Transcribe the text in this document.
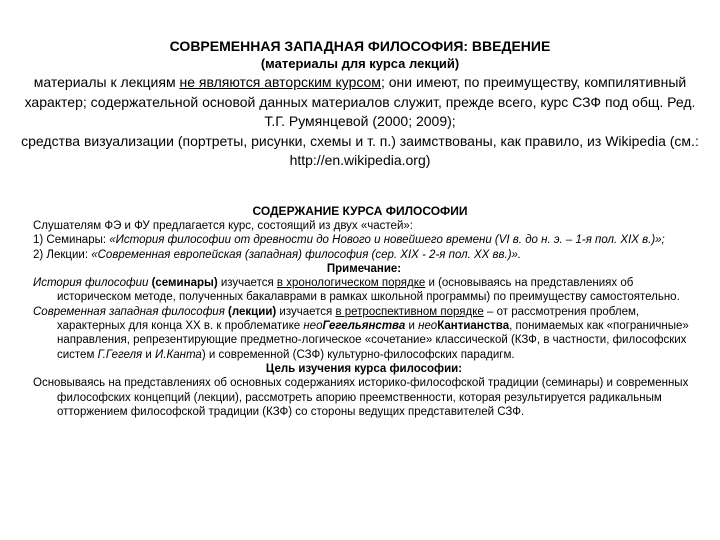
СОВРЕМЕННАЯ ЗАПАДНАЯ ФИЛОСОФИЯ: ВВЕДЕНИЕ
(материалы для курса лекций)
материалы к лекциям не являются авторским курсом; они имеют, по преимуществу, компилятивный характер; содержательной основой данных материалов служит, прежде всего, курс СЗФ под общ. Ред. Т.Г. Румянцевой (2000; 2009);
средства визуализации (портреты, рисунки, схемы и т. п.) заимствованы, как правило, из Wikipedia (см.: http://en.wikipedia.org)
СОДЕРЖАНИЕ КУРСА ФИЛОСОФИИ

Слушателям ФЭ и ФУ предлагается курс, состоящий из двух «частей»:

1) Семинары: «История философии от древности до Нового и новейшего времени (VI в. до н. э. – 1-я пол. XIX в.)»;

2) Лекции: «Современная европейская (западная) философия (сер. XIX - 2-я пол. XX вв.)».

Примечание:

История философии (семинары) изучается в хронологическом порядке и (основываясь на представлениях об историческом методе, полученных бакалаврами в рамках школьной программы) по преимуществу самостоятельно.

Современная западная философия (лекции) изучается в ретроспективном порядке – от рассмотрения проблем, характерных для конца XX в. к проблематике неоГегельянства и неоКантианства, понимаемых как «пограничные» направления, репрезентирующие предметно-логическое «сочетание» классической (КЗФ, в частности, философских систем Г.Гегеля и И.Канта) и современной (СЗФ) культурно-философских парадигм.

Цель изучения курса философии:

Основываясь на представлениях об основных содержаниях историко-философской традиции (семинары) и современных философских концепций (лекции), рассмотреть апорию преемственности, которая результируется радикальным отторжением философской традиции (КЗФ) со стороны ведущих представителей СЗФ.
